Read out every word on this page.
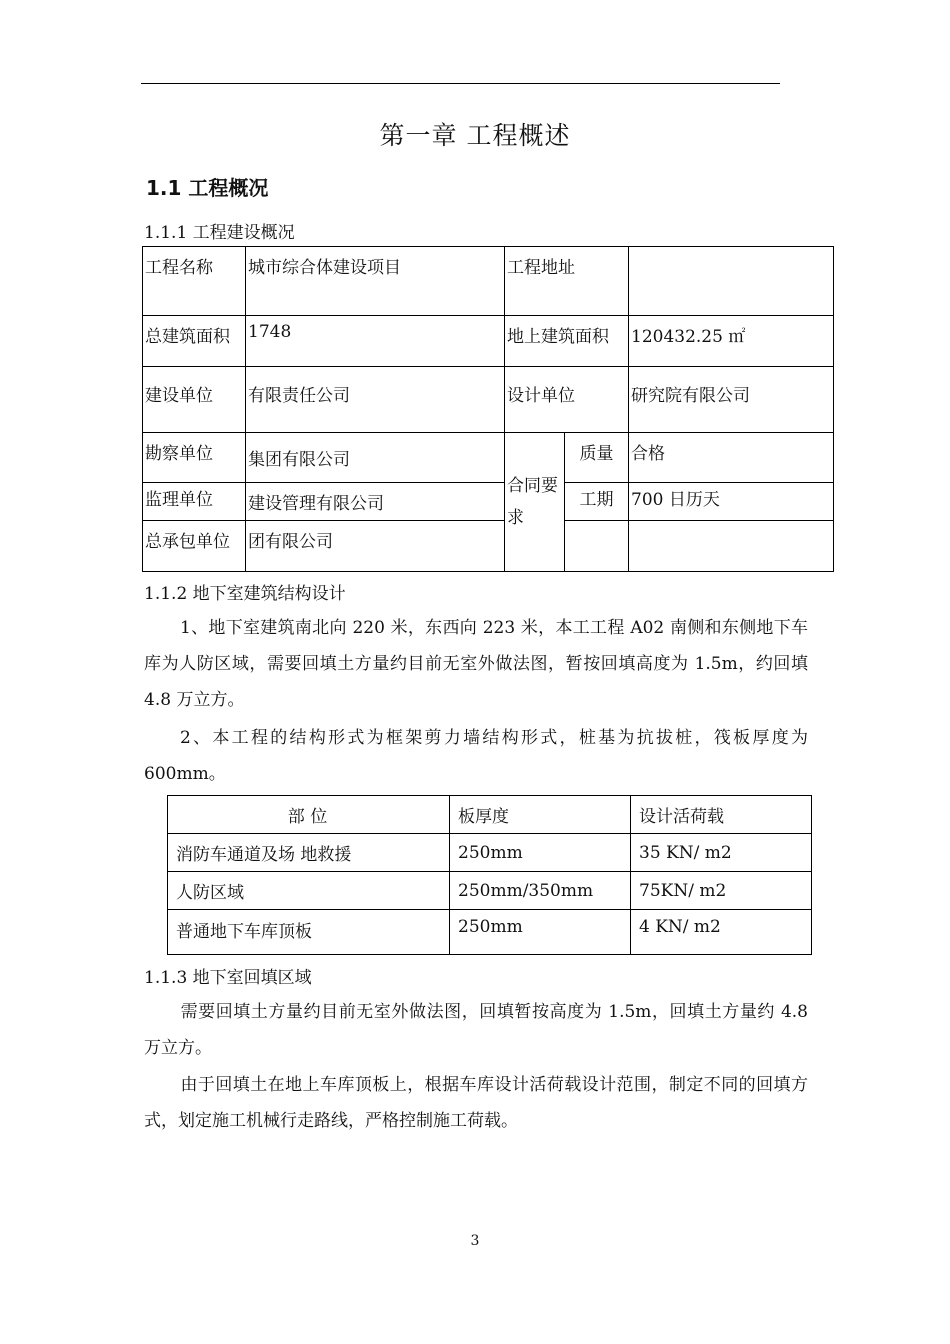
第一章 工程概述
1.1 工程概况
1.1.1 工程建设概况
工程名称	城市综合体建设项目	工程地址		
总建筑面积	1748	地上建筑面积		120432.25 ㎡
建设单位	有限责任公司	设计单位		研究院有限公司
勘察单位	集团有限公司	合同要求	质量	合格
监理单位	建设管理有限公司		工期	700 日历天
总承包单位	团有限公司			
1.1.2 地下室建筑结构设计
1、地下室建筑南北向 220 米，东西向 223 米，本工工程 A02 南侧和东侧地下车库为人防区域，需要回填土方量约目前无室外做法图，暂按回填高度为 1.5m，约回填4.8 万立方。
2、本工程的结构形式为框架剪力墙结构形式，桩基为抗拔桩，筏板厚度为 600mm。
部 位	板厚度	设计活荷载
消防车通道及场 地救援	250mm	35 KN/ m2
人防区域	250mm/350mm	75KN/ m2
普通地下车库顶板	250mm	4 KN/ m2
1.1.3 地下室回填区域
需要回填土方量约目前无室外做法图，回填暂按高度为 1.5m，回填土方量约 4.8 万立方。
由于回填土在地上车库顶板上，根据车库设计活荷载设计范围，制定不同的回填方式，划定施工机械行走路线，严格控制施工荷载。
3
